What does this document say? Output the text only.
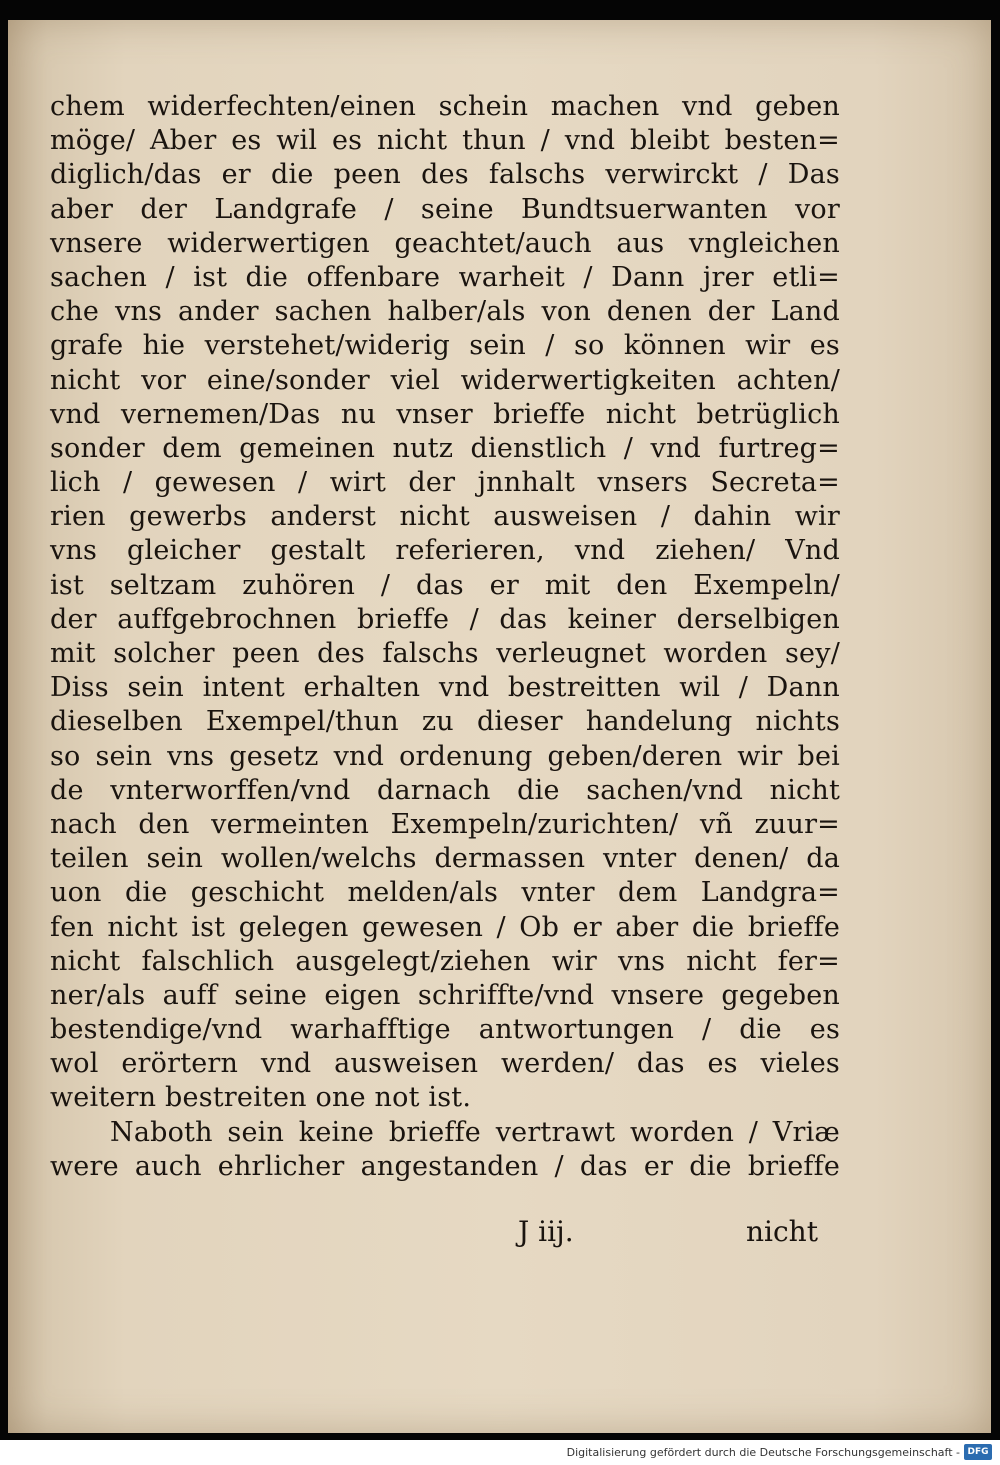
chem widerfechten/einen schein machen vnd geben
möge/ Aber es wil es nicht thun / vnd bleibt besten=
diglich/das er die peen des falschs verwirckt / Das
aber der Landgrafe / seine Bundtsuerwanten vor
vnsere widerwertigen geachtet/auch aus vngleichen
sachen / ist die offenbare warheit / Dann jrer etli=
che vns ander sachen halber/als von denen der Land
grafe hie verstehet/widerig sein / so können wir es
nicht vor eine/sonder viel widerwertigkeiten achten/
vnd vernemen/Das nu vnser brieffe nicht betrüglich
sonder dem gemeinen nutz dienstlich / vnd furtreg=
lich / gewesen / wirt der jnnhalt vnsers Secreta=
rien gewerbs anderst nicht ausweisen / dahin wir
vns gleicher gestalt referieren, vnd ziehen/ Vnd
ist seltzam zuhören / das er mit den Exempeln/
der auffgebrochnen brieffe / das keiner derselbigen
mit solcher peen des falschs verleugnet worden sey/
Diss sein intent erhalten vnd bestreitten wil / Dann
dieselben Exempel/thun zu dieser handelung nichts
so sein vns gesetz vnd ordenung geben/deren wir bei
de vnterworffen/vnd darnach die sachen/vnd nicht
nach den vermeinten Exempeln/zurichten/ vñ zuur=
teilen sein wollen/welchs dermassen vnter denen/ da
uon die geschicht melden/als vnter dem Landgra=
fen nicht ist gelegen gewesen / Ob er aber die brieffe
nicht falschlich ausgelegt/ziehen wir vns nicht fer=
ner/als auff seine eigen schriffte/vnd vnsere gegeben
bestendige/vnd warhafftige antwortungen / die es
wol erörtern vnd ausweisen werden/ das es vieles
weitern bestreiten one not ist.
Naboth sein keine brieffe vertrawt worden / Vriæ
were auch ehrlicher angestanden / das er die brieffe
J iij.	nicht
Digitalisierung gefördert durch die Deutsche Forschungsgemeinschaft - DFG
